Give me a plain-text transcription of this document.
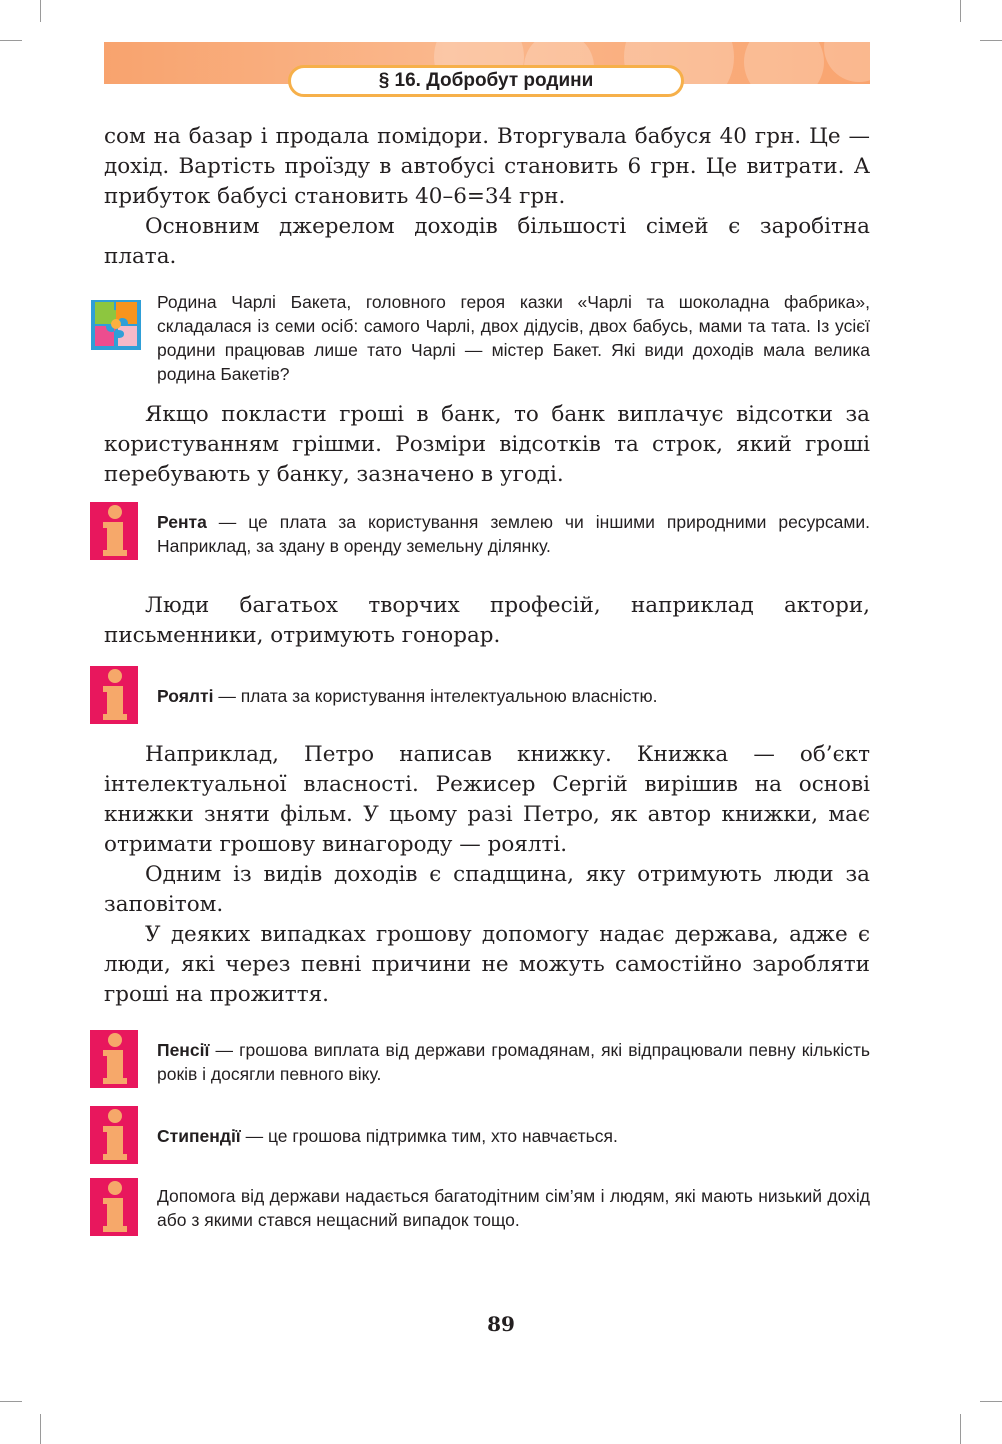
§ 16. Добробут родини

сом на базар і продала помідори. Вторгувала бабуся 40 грн. Це — дохід. Вартість проїзду в автобусі становить 6 грн. Це витрати. А прибуток бабусі становить 40–6=34 грн.

Основним джерелом доходів більшості сімей є заробітна плата.

Родина Чарлі Бакета, головного героя казки «Чарлі та шоколадна фабрика», складалася із семи осіб: самого Чарлі, двох дідусів, двох бабусь, мами та тата. Із усієї родини працював лише тато Чарлі — містер Бакет. Які види доходів мала велика родина Бакетів?

Якщо покласти гроші в банк, то банк виплачує відсотки за користуванням грішми. Розміри відсотків та строк, який гроші перебувають у банку, зазначено в угоді.

Рента — це плата за користування землею чи іншими природними ресурсами. Наприклад, за здану в оренду земельну ділянку.

Люди багатьох творчих професій, наприклад актори, письменники, отримують гонорар.

Роялті — плата за користування інтелектуальною власністю.

Наприклад, Петро написав книжку. Книжка — об’єкт інтелектуальної власності. Режисер Сергій вирішив на основі книжки зняти фільм. У цьому разі Петро, як автор книжки, має отримати грошову винагороду — роялті.

Одним із видів доходів є спадщина, яку отримують люди за заповітом.

У деяких випадках грошову допомогу надає держава, адже є люди, які через певні причини не можуть самостійно заробляти гроші на прожиття.

Пенсії — грошова виплата від держави громадянам, які відпрацювали певну кількість років і досягли певного віку.

Стипендії — це грошова підтримка тим, хто навчається.

Допомога від держави надається багатодітним сім’ям і людям, які мають низький дохід або з якими стався нещасний випадок тощо.

89
